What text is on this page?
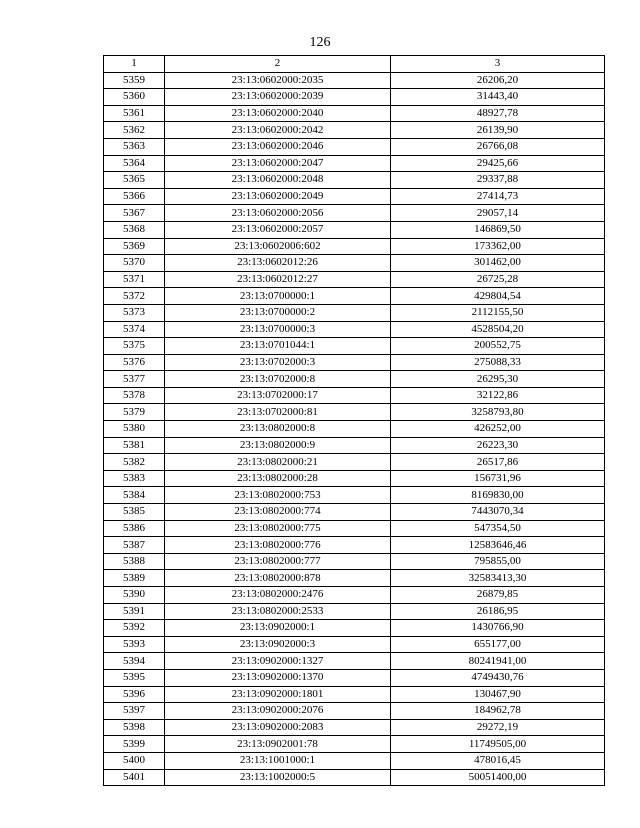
126
1	2	3
5359	23:13:0602000:2035	26206,20
5360	23:13:0602000:2039	31443,40
5361	23:13:0602000:2040	48927,78
5362	23:13:0602000:2042	26139,90
5363	23:13:0602000:2046	26766,08
5364	23:13:0602000:2047	29425,66
5365	23:13:0602000:2048	29337,88
5366	23:13:0602000:2049	27414,73
5367	23:13:0602000:2056	29057,14
5368	23:13:0602000:2057	146869,50
5369	23:13:0602006:602	173362,00
5370	23:13:0602012:26	301462,00
5371	23:13:0602012:27	26725,28
5372	23:13:0700000:1	429804,54
5373	23:13:0700000:2	2112155,50
5374	23:13:0700000:3	4528504,20
5375	23:13:0701044:1	200552,75
5376	23:13:0702000:3	275088,33
5377	23:13:0702000:8	26295,30
5378	23:13:0702000:17	32122,86
5379	23:13:0702000:81	3258793,80
5380	23:13:0802000:8	426252,00
5381	23:13:0802000:9	26223,30
5382	23:13:0802000:21	26517,86
5383	23:13:0802000:28	156731,96
5384	23:13:0802000:753	8169830,00
5385	23:13:0802000:774	7443070,34
5386	23:13:0802000:775	547354,50
5387	23:13:0802000:776	12583646,46
5388	23:13:0802000:777	795855,00
5389	23:13:0802000:878	32583413,30
5390	23:13:0802000:2476	26879,85
5391	23:13:0802000:2533	26186,95
5392	23:13:0902000:1	1430766,90
5393	23:13:0902000:3	655177,00
5394	23:13:0902000:1327	80241941,00
5395	23:13:0902000:1370	4749430,76
5396	23:13:0902000:1801	130467,90
5397	23:13:0902000:2076	184962,78
5398	23:13:0902000:2083	29272,19
5399	23:13:0902001:78	11749505,00
5400	23:13:1001000:1	478016,45
5401	23:13:1002000:5	50051400,00
